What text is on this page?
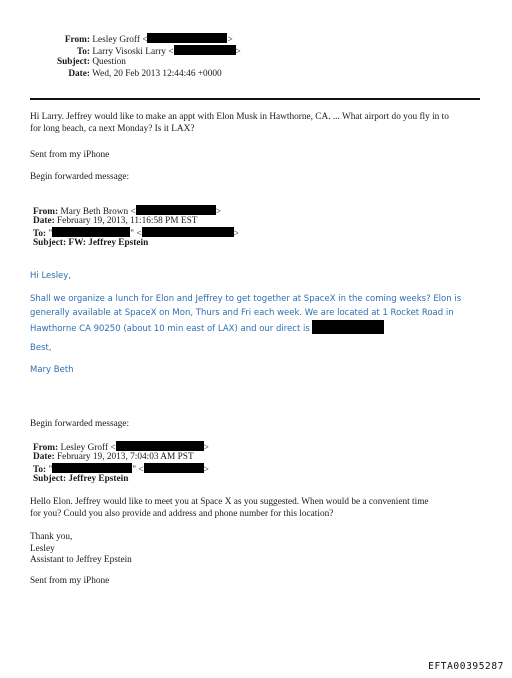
From: Lesley Groff <	>
To: Larry Visoski Larry <	>
Subject: Question
Date: Wed, 20 Feb 2013 12:44:46 +0000

Hi Larry. Jeffrey would like to make an appt with Elon Musk in Hawthorne, CA. ... What airport do you fly in to

for long beach, ca next Monday? Is it LAX?

Sent from my iPhone
Begin forwarded message:
From: Mary Beth Brown <	>
Date: February 19, 2013, 11:16:58 PM EST
To: "	" <	>
Subject: FW: Jeffrey Epstein
Hi Lesley,

Shall we organize a lunch for Elon and Jeffrey to get together at SpaceX in the coming weeks? Elon is

generally available at SpaceX on Mon, Thurs and Fri each week. We are located at 1 Rocket Road in

Hawthorne CA 90250 (about 10 min east of LAX) and our direct is

Best,
Mary Beth
Begin forwarded message:
From: Lesley Groff <	>
Date: February 19, 2013, 7:04:03 AM PST
To: "	" <	>
Subject: Jeffrey Epstein

Hello Elon. Jeffrey would like to meet you at Space X as you suggested. When would be a convenient time

for you? Could you also provide and address and phone number for this location?

Thank you,

Lesley

Assistant to Jeffrey Epstein

Sent from my iPhone
EFTA00395287
